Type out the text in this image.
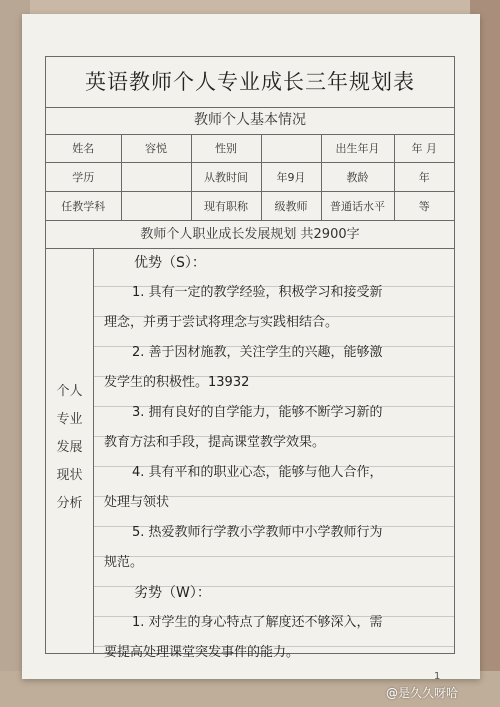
英语教师个人专业成长三年规划表
教师个人基本情况
姓名	容悦	性别		出生年月	年 月
学历		从教时间	年9月	教龄	年
任教学科		现有职称	级教师	普通话水平	等
教师个人职业成长发展规划 共2900字
个人
专业
发展
现状
分析

优势（S）：

1. 具有一定的教学经验，积极学习和接受新

理念，并勇于尝试将理念与实践相结合。

2. 善于因材施教，关注学生的兴趣，能够激

发学生的积极性。13932

3. 拥有良好的自学能力，能够不断学习新的

教育方法和手段，提高课堂教学效果。

4. 具有平和的职业心态，能够与他人合作，

处理与领状

5. 热爱教师行学教小学教师中小学教师行为

规范。

劣势（W）：

1. 对学生的身心特点了解度还不够深入，需

要提高处理课堂突发事件的能力。

1
@是久久呀哈
